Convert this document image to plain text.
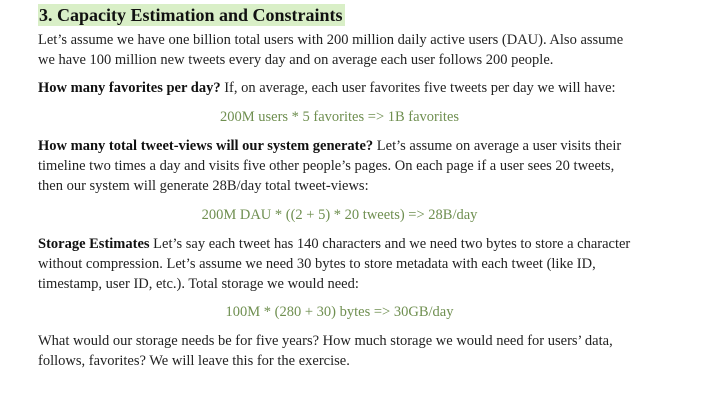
3. Capacity Estimation and Constraints

Let’s assume we have one billion total users with 200 million daily active users (DAU). Also assume
we have 100 million new tweets every day and on average each user follows 200 people.

How many favorites per day? If, on average, each user favorites five tweets per day we will have:

200M users * 5 favorites => 1B favorites

How many total tweet-views will our system generate? Let’s assume on average a user visits their
timeline two times a day and visits five other people’s pages. On each page if a user sees 20 tweets,
then our system will generate 28B/day total tweet-views:

200M DAU * ((2 + 5) * 20 tweets) => 28B/day

Storage Estimates Let’s say each tweet has 140 characters and we need two bytes to store a character
without compression. Let’s assume we need 30 bytes to store metadata with each tweet (like ID,
timestamp, user ID, etc.). Total storage we would need:

100M * (280 + 30) bytes => 30GB/day

What would our storage needs be for five years? How much storage we would need for users’ data,
follows, favorites? We will leave this for the exercise.
